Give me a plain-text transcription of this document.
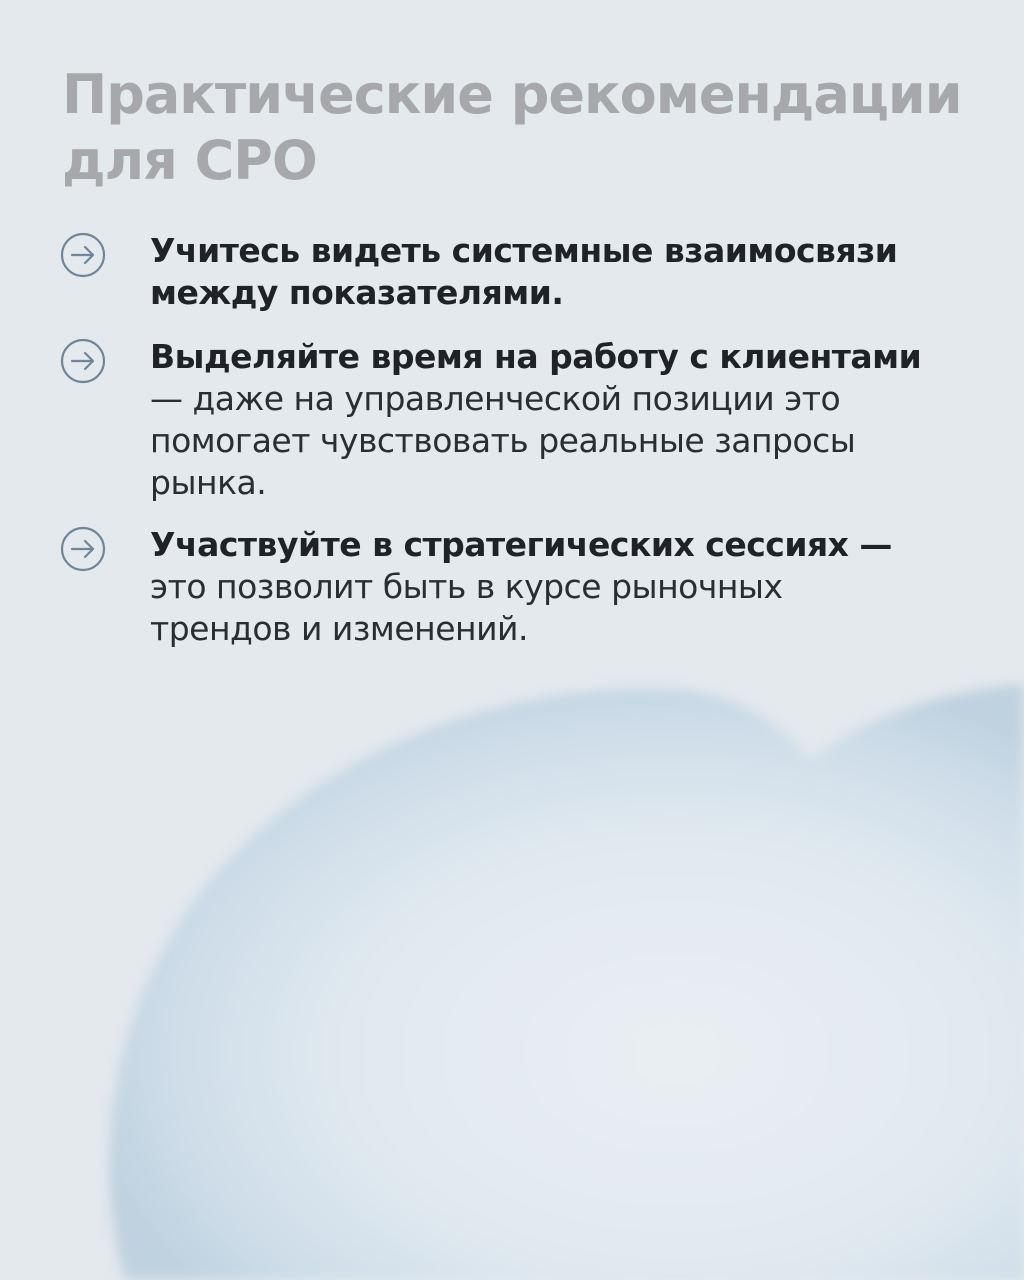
Практические рекомендации
для СРО
Учитесь видеть системные взаимосвязи
между показателями.
Выделяйте время на работу с клиентами
— даже на управленческой позиции это
помогает чувствовать реальные запросы
рынка.
Участвуйте в стратегических сессиях —
это позволит быть в курсе рыночных
трендов и изменений.
